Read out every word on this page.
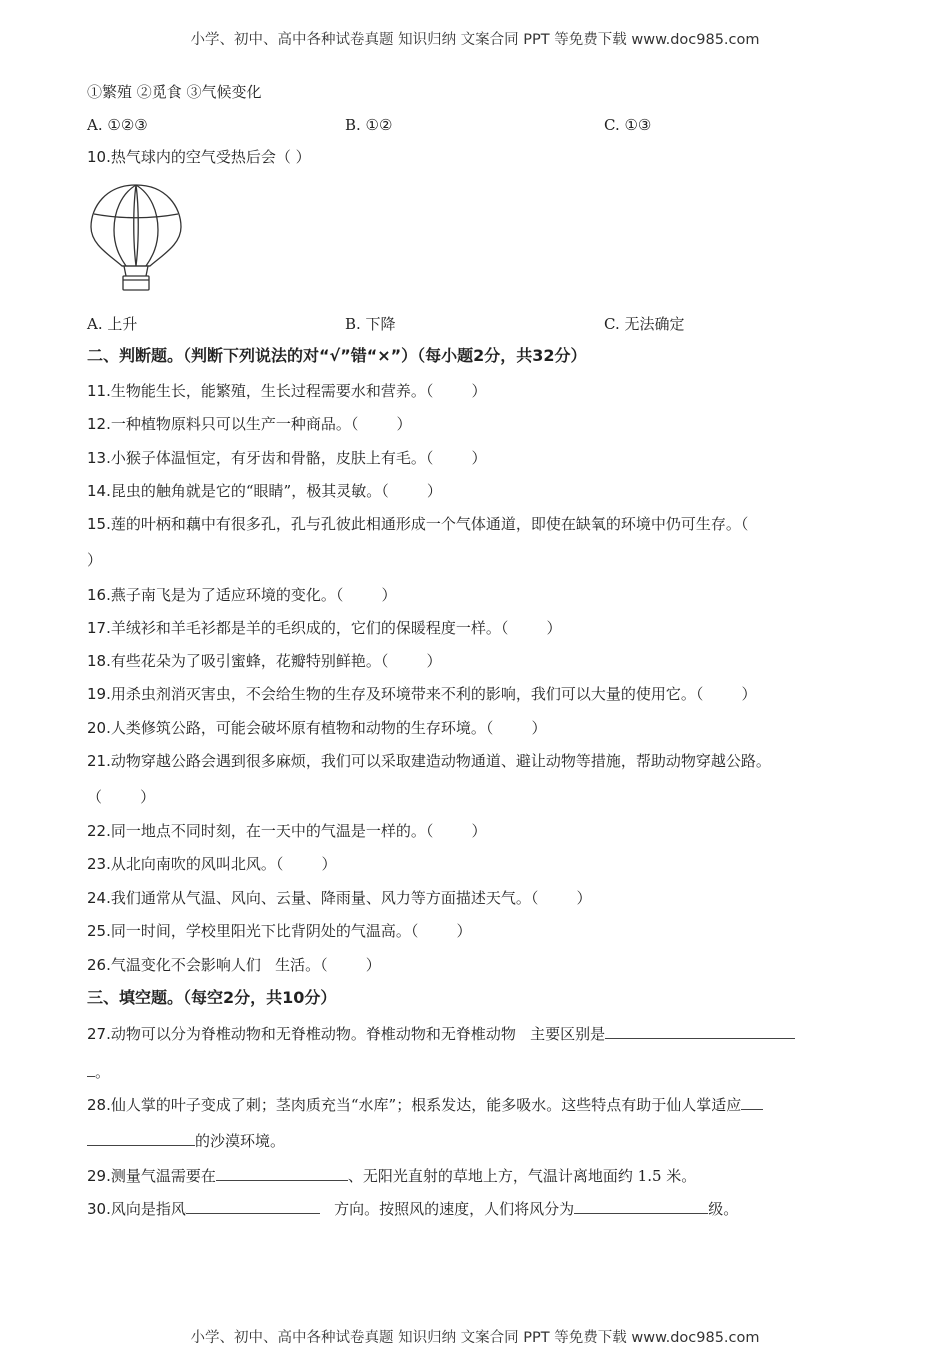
小学、初中、高中各种试卷真题 知识归纳 文案合同 PPT 等免费下载 www.doc985.com
①繁殖 ②觅食 ③气候变化
A. ①②③	B. ①②	C. ①③
10.热气球内的空气受热后会（ ）
A. 上升	B. 下降	C. 无法确定
二、判断题。（判断下列说法的对“√”错“×”）（每小题2分，共32分）
11.生物能生长，能繁殖，生长过程需要水和营养。（        ）
12.一种植物原料只可以生产一种商品。（        ）
13.小猴子体温恒定，有牙齿和骨骼，皮肤上有毛。（        ）
14.昆虫的触角就是它的“眼睛”，极其灵敏。（        ）
15.莲的叶柄和藕中有很多孔，孔与孔彼此相通形成一个气体通道，即使在缺氧的环境中仍可生存。（
）
16.燕子南飞是为了适应环境的变化。（        ）
17.羊绒衫和羊毛衫都是羊的毛织成的，它们的保暖程度一样。（        ）
18.有些花朵为了吸引蜜蜂，花瓣特别鲜艳。（        ）
19.用杀虫剂消灭害虫，不会给生物的生存及环境带来不利的影响，我们可以大量的使用它。（        ）
20.人类修筑公路，可能会破坏原有植物和动物的生存环境。（        ）
21.动物穿越公路会遇到很多麻烦，我们可以采取建造动物通道、避让动物等措施，帮助动物穿越公路。
（        ）
22.同一地点不同时刻，在一天中的气温是一样的。（        ）
23.从北向南吹的风叫北风。（        ）
24.我们通常从气温、风向、云量、降雨量、风力等方面描述天气。（        ）
25.同一时间，学校里阳光下比背阴处的气温高。（        ）
26.气温变化不会影响人们   生活。（        ）
三、填空题。（每空2分，共10分）
27.动物可以分为脊椎动物和无脊椎动物。脊椎动物和无脊椎动物   主要区别是
。
28.仙人掌的叶子变成了刺；茎肉质充当“水库”；根系发达，能多吸水。这些特点有助于仙人掌适应
的沙漠环境。
29.测量气温需要在	、无阳光直射的草地上方，气温计离地面约 1.5 米。
30.风向是指风	方向。按照风的速度，人们将风分为	级。
小学、初中、高中各种试卷真题 知识归纳 文案合同 PPT 等免费下载 www.doc985.com
